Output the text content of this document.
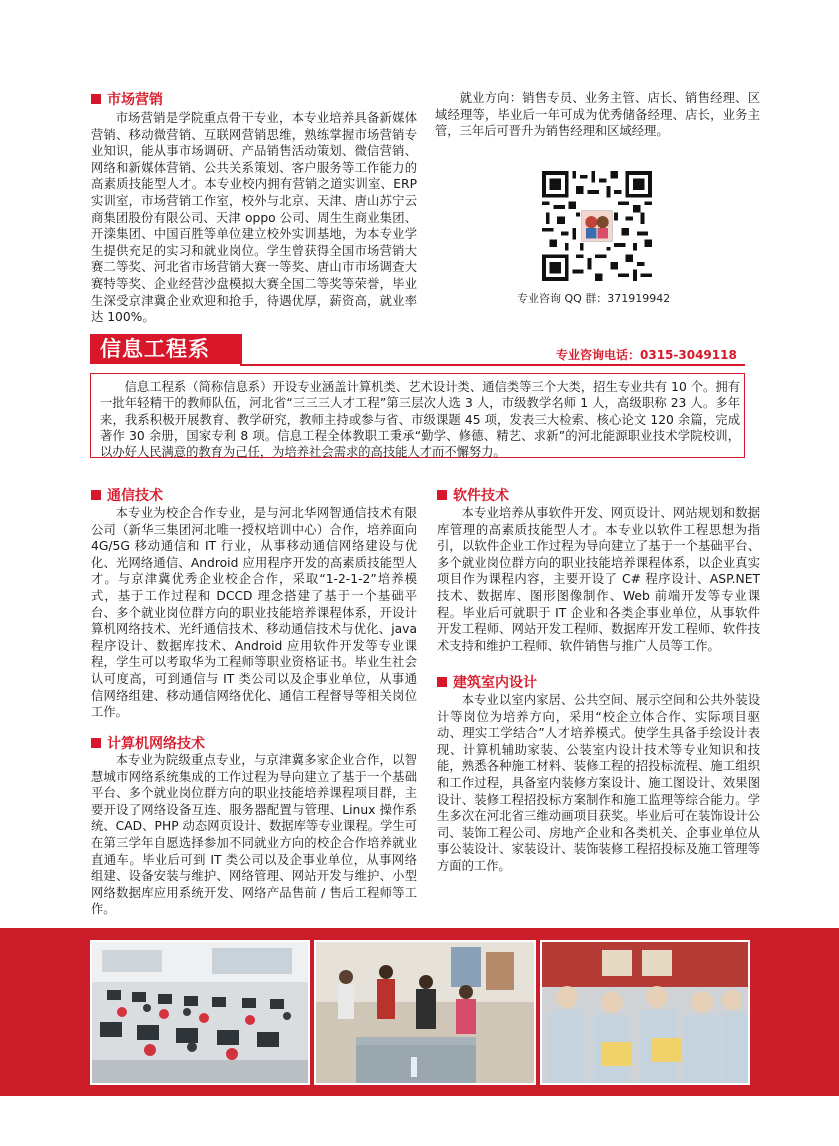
市场营销

市场营销是学院重点骨干专业，本专业培养具备新媒体营销、移动微营销、互联网营销思维，熟练掌握市场营销专业知识，能从事市场调研、产品销售活动策划、微信营销、网络和新媒体营销、公共关系策划、客户服务等工作能力的高素质技能型人才。本专业校内拥有营销之道实训室、ERP 实训室，市场营销工作室，校外与北京、天津、唐山苏宁云商集团股份有限公司、天津 oppo 公司、周生生商业集团、开滦集团、中国百胜等单位建立校外实训基地，为本专业学生提供充足的实习和就业岗位。学生曾获得全国市场营销大赛二等奖、河北省市场营销大赛一等奖、唐山市市场调查大赛特等奖、企业经营沙盘模拟大赛全国二等奖等荣誉，毕业生深受京津冀企业欢迎和抢手，待遇优厚，薪资高，就业率达 100%。

就业方向：销售专员、业务主管、店长、销售经理、区域经理等，毕业后一年可成为优秀储备经理、店长，业务主管，三年后可晋升为销售经理和区域经理。

专业咨询 QQ 群：371919942
信息工程系	专业咨询电话：0315-3049118

信息工程系（简称信息系）开设专业涵盖计算机类、艺术设计类、通信类等三个大类，招生专业共有 10 个。拥有一批年轻精干的教师队伍，河北省“三三三人才工程”第三层次人选 3 人，市级教学名师 1 人，高级职称 23 人。多年来，我系积极开展教育、教学研究，教师主持或参与省、市级课题 45 项，发表三大检索、核心论文 120 余篇，完成著作 30 余册，国家专利 8 项。信息工程全体教职工秉承“勤学、修德、精艺、求新”的河北能源职业技术学院校训，以办好人民满意的教育为己任，为培养社会需求的高技能人才而不懈努力。

通信技术

本专业为校企合作专业，是与河北华网智通信技术有限公司（新华三集团河北唯一授权培训中心）合作，培养面向 4G/5G 移动通信和 IT 行业，从事移动通信网络建设与优化、光网络通信、Android 应用程序开发的高素质技能型人才。与京津冀优秀企业校企合作，采取“1-2-1-2”培养模式，基于工作过程和 DCCD 理念搭建了基于一个基础平台、多个就业岗位群方向的职业技能培养课程体系，开设计算机网络技术、光纤通信技术、移动通信技术与优化、java 程序设计、数据库技术、Android 应用软件开发等专业课程，学生可以考取华为工程师等职业资格证书。毕业生社会认可度高，可到通信与 IT 类公司以及企事业单位，从事通信网络组建、移动通信网络优化、通信工程督导等相关岗位工作。

计算机网络技术

本专业为院级重点专业，与京津冀多家企业合作，以智慧城市网络系统集成的工作过程为导向建立了基于一个基础平台、多个就业岗位群方向的职业技能培养课程项目群，主要开设了网络设备互连、服务器配置与管理、Linux 操作系统、CAD、PHP 动态网页设计、数据库等专业课程。学生可在第三学年自愿选择参加不同就业方向的校企合作培养就业直通车。毕业后可到 IT 类公司以及企事业单位，从事网络组建、设备安装与维护、网络管理、网站开发与维护、小型网络数据库应用系统开发、网络产品售前 / 售后工程师等工作。

软件技术

本专业培养从事软件开发、网页设计、网站规划和数据库管理的高素质技能型人才。本专业以软件工程思想为指引，以软件企业工作过程为导向建立了基于一个基础平台、多个就业岗位群方向的职业技能培养课程体系，以企业真实项目作为课程内容，主要开设了 C# 程序设计、ASP.NET 技术、数据库、图形图像制作、Web 前端开发等专业课程。毕业后可就职于 IT 企业和各类企事业单位，从事软件开发工程师、网站开发工程师、数据库开发工程师、软件技术支持和维护工程师、软件销售与推广人员等工作。

建筑室内设计

本专业以室内家居、公共空间、展示空间和公共外装设计等岗位为培养方向，采用“校企立体合作、实际项目驱动、理实工学结合”人才培养模式。使学生具备手绘设计表现、计算机辅助家装、公装室内设计技术等专业知识和技能，熟悉各种施工材料、装修工程的招投标流程、施工组织和工作过程，具备室内装修方案设计、施工图设计、效果图设计、装修工程招投标方案制作和施工监理等综合能力。学生多次在河北省三维动画项目获奖。毕业后可在装饰设计公司、装饰工程公司、房地产企业和各类机关、企事业单位从事公装设计、家装设计、装饰装修工程招投标及施工管理等方面的工作。
